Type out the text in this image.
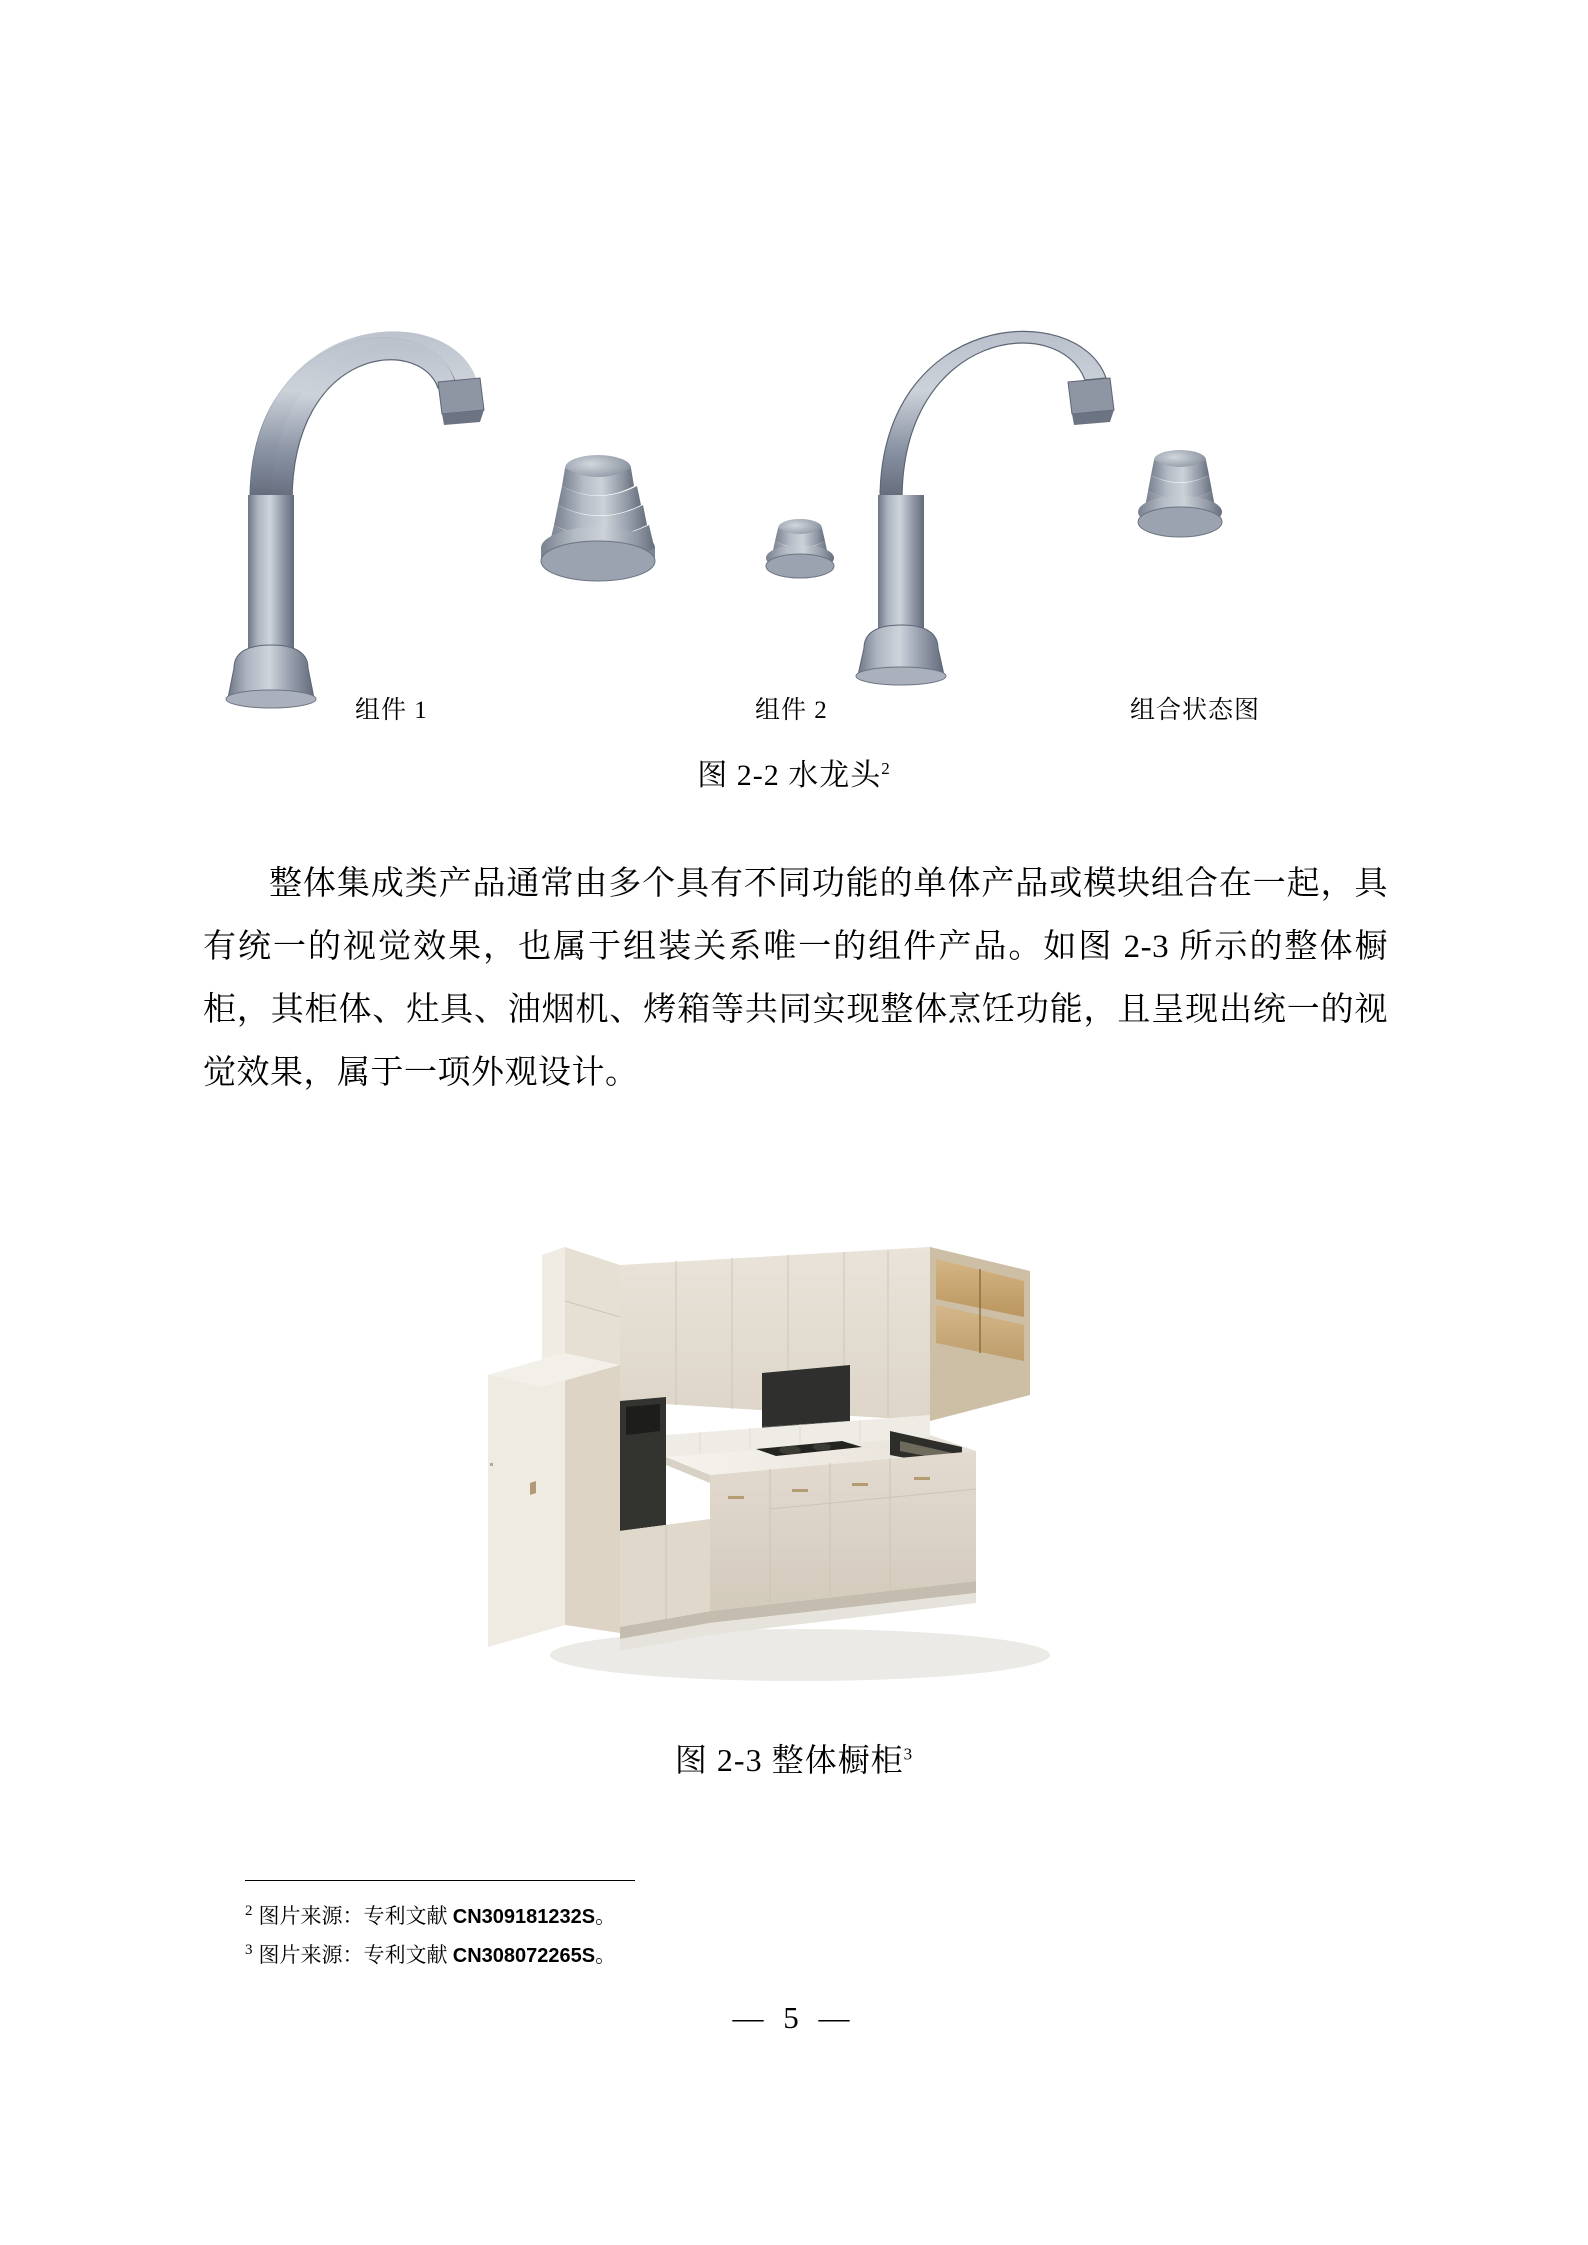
组件 1	组件 2	组合状态图
图 2-2 水龙头$^2$

整体集成类产品通常由多个具有不同功能的单体产品或模块组合在一起，具有统一的视觉效果，也属于组装关系唯一的组件产品。如图 2-3 所示的整体橱柜，其柜体、灶具、油烟机、烤箱等共同实现整体烹饪功能，且呈现出统一的视觉效果，属于一项外观设计。

图 2-3 整体橱柜$^3$
$^2$ 图片来源：专利文献 CN309181232S。
$^3$ 图片来源：专利文献 CN308072265S。
— 5 —
